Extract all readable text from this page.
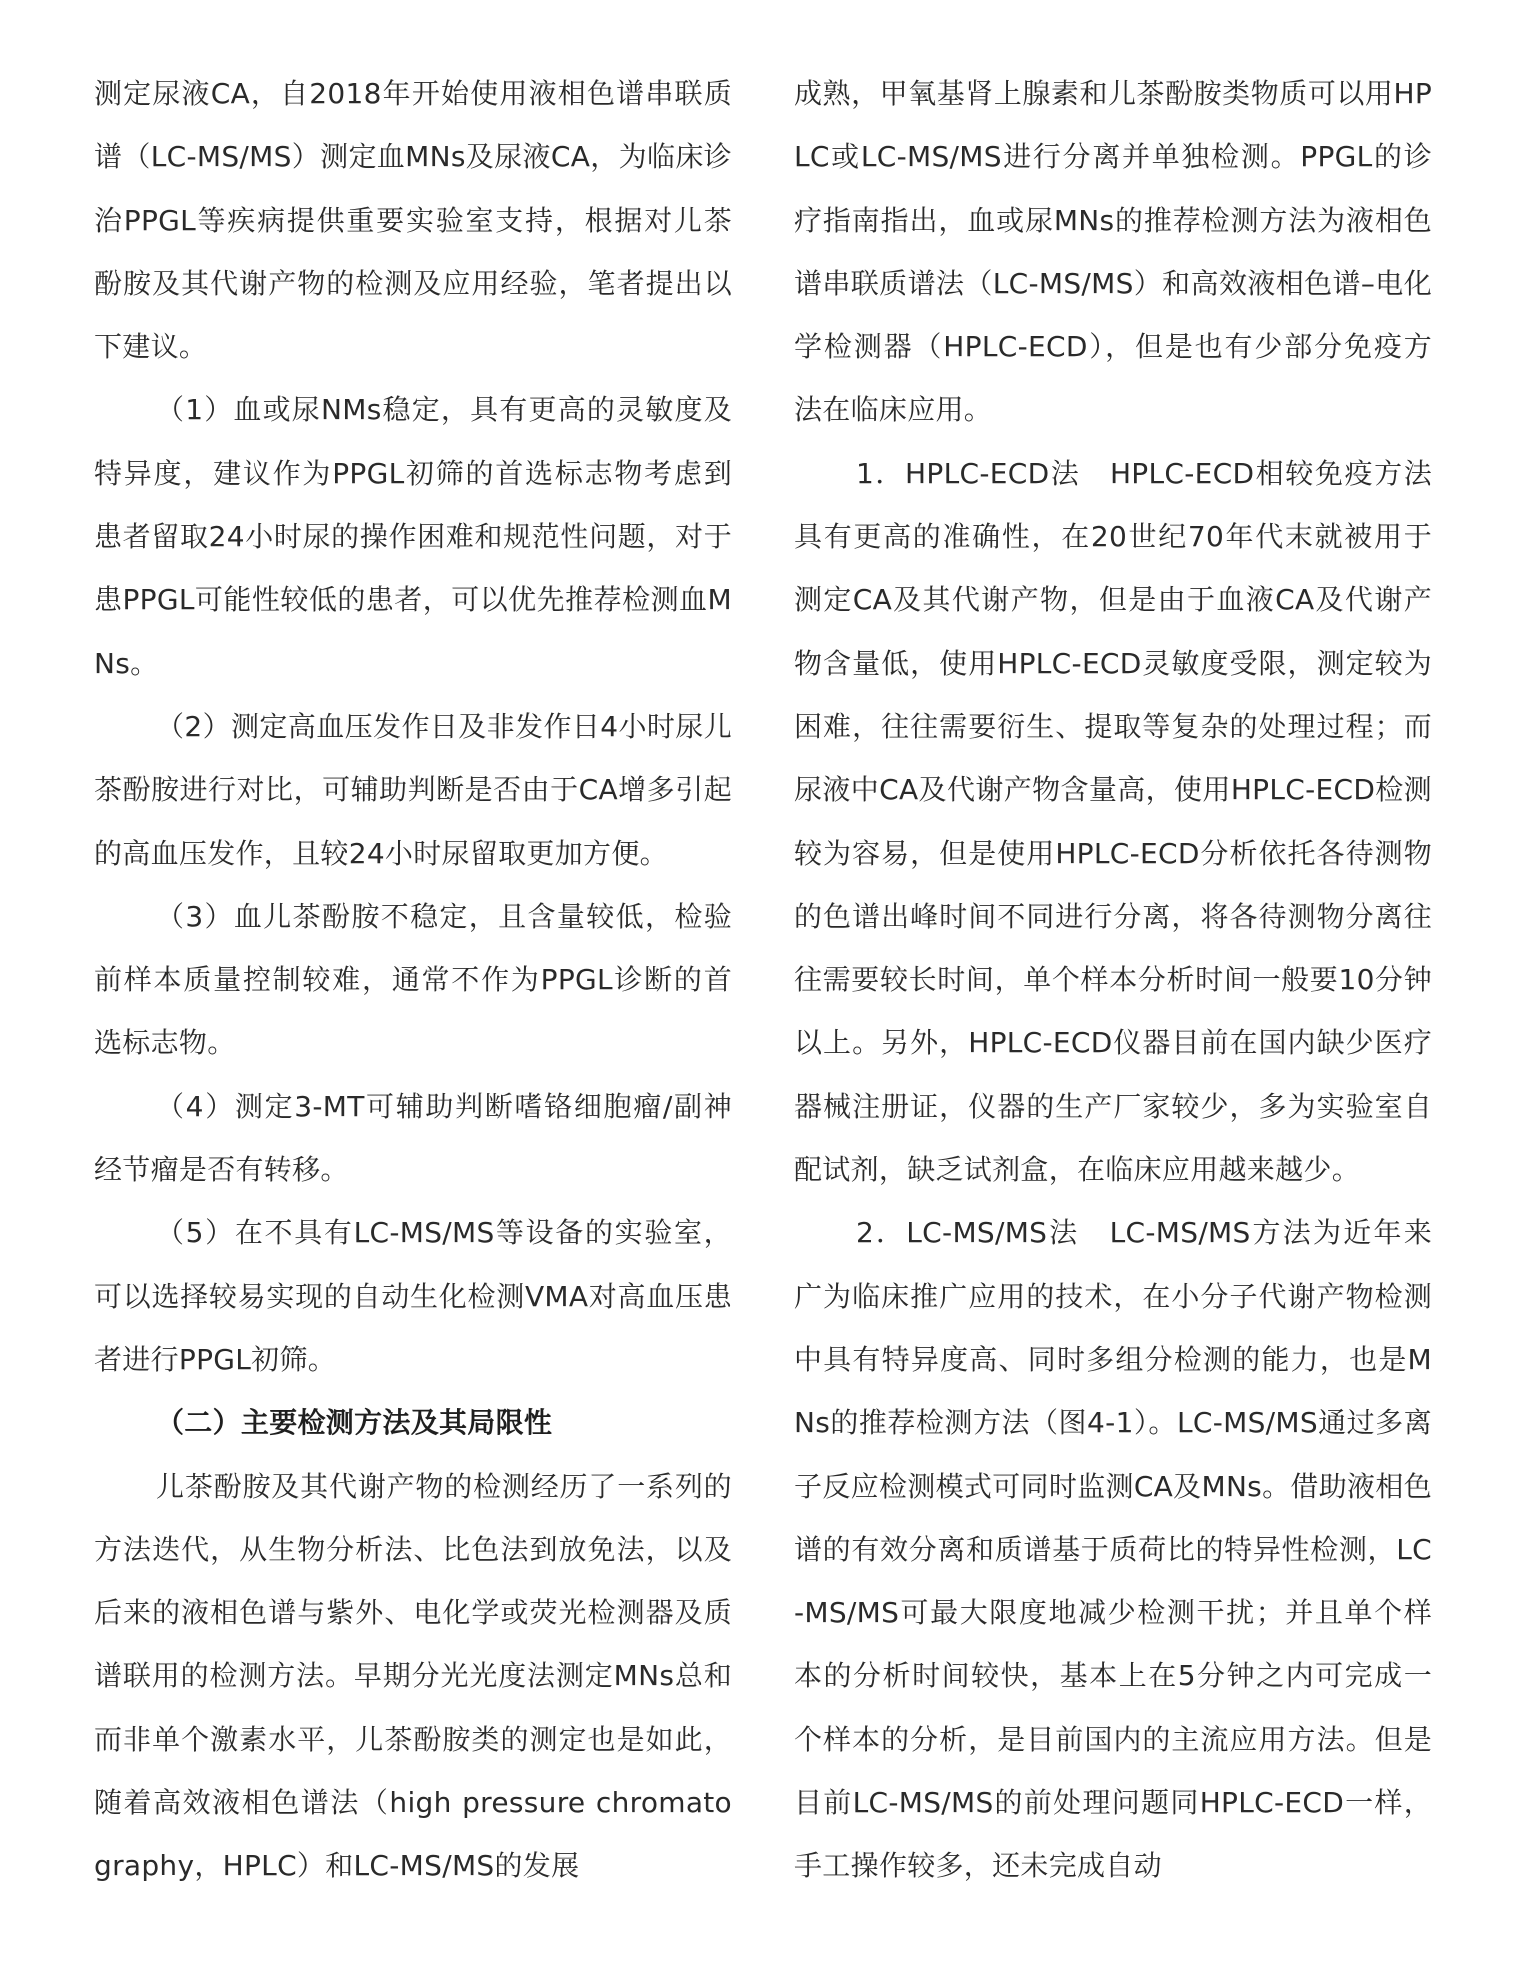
测定尿液CA，自2018年开始使用液相色谱串联质谱（LC-MS/MS）测定血MNs及尿液CA，为临床诊治PPGL等疾病提供重要实验室支持，根据对儿茶酚胺及其代谢产物的检测及应用经验，笔者提出以下建议。

（1）血或尿NMs稳定，具有更高的灵敏度及特异度，建议作为PPGL初筛的首选标志物考虑到患者留取24小时尿的操作困难和规范性问题，对于患PPGL可能性较低的患者，可以优先推荐检测血MNs。

（2）测定高血压发作日及非发作日4小时尿儿茶酚胺进行对比，可辅助判断是否由于CA增多引起的高血压发作，且较24小时尿留取更加方便。

（3）血儿茶酚胺不稳定，且含量较低，检验前样本质量控制较难，通常不作为PPGL诊断的首选标志物。

（4）测定3-MT可辅助判断嗜铬细胞瘤/副神经节瘤是否有转移。

（5）在不具有LC-MS/MS等设备的实验室，可以选择较易实现的自动生化检测VMA对高血压患者进行PPGL初筛。

（二）主要检测方法及其局限性

儿茶酚胺及其代谢产物的检测经历了一系列的方法迭代，从生物分析法、比色法到放免法，以及后来的液相色谱与紫外、电化学或荧光检测器及质谱联用的检测方法。早期分光光度法测定MNs总和而非单个激素水平，儿茶酚胺类的测定也是如此，随着高效液相色谱法（high pressure chromatography，HPLC）和LC-MS/MS的发展

成熟，甲氧基肾上腺素和儿茶酚胺类物质可以用HPLC或LC-MS/MS进行分离并单独检测。PPGL的诊疗指南指出，血或尿MNs的推荐检测方法为液相色谱串联质谱法（LC-MS/MS）和高效液相色谱–电化学检测器（HPLC-ECD），但是也有少部分免疫方法在临床应用。

1．HPLC-ECD法　HPLC-ECD相较免疫方法具有更高的准确性，在20世纪70年代末就被用于测定CA及其代谢产物，但是由于血液CA及代谢产物含量低，使用HPLC-ECD灵敏度受限，测定较为困难，往往需要衍生、提取等复杂的处理过程；而尿液中CA及代谢产物含量高，使用HPLC-ECD检测较为容易，但是使用HPLC-ECD分析依托各待测物的色谱出峰时间不同进行分离，将各待测物分离往往需要较长时间，单个样本分析时间一般要10分钟以上。另外，HPLC-ECD仪器目前在国内缺少医疗器械注册证，仪器的生产厂家较少，多为实验室自配试剂，缺乏试剂盒，在临床应用越来越少。

2．LC-MS/MS法　LC-MS/MS方法为近年来广为临床推广应用的技术，在小分子代谢产物检测中具有特异度高、同时多组分检测的能力，也是MNs的推荐检测方法（图4-1）。LC-MS/MS通过多离子反应检测模式可同时监测CA及MNs。借助液相色谱的有效分离和质谱基于质荷比的特异性检测，LC-MS/MS可最大限度地减少检测干扰；并且单个样本的分析时间较快，基本上在5分钟之内可完成一个样本的分析，是目前国内的主流应用方法。但是目前LC-MS/MS的前处理问题同HPLC-ECD一样，手工操作较多，还未完成自动
